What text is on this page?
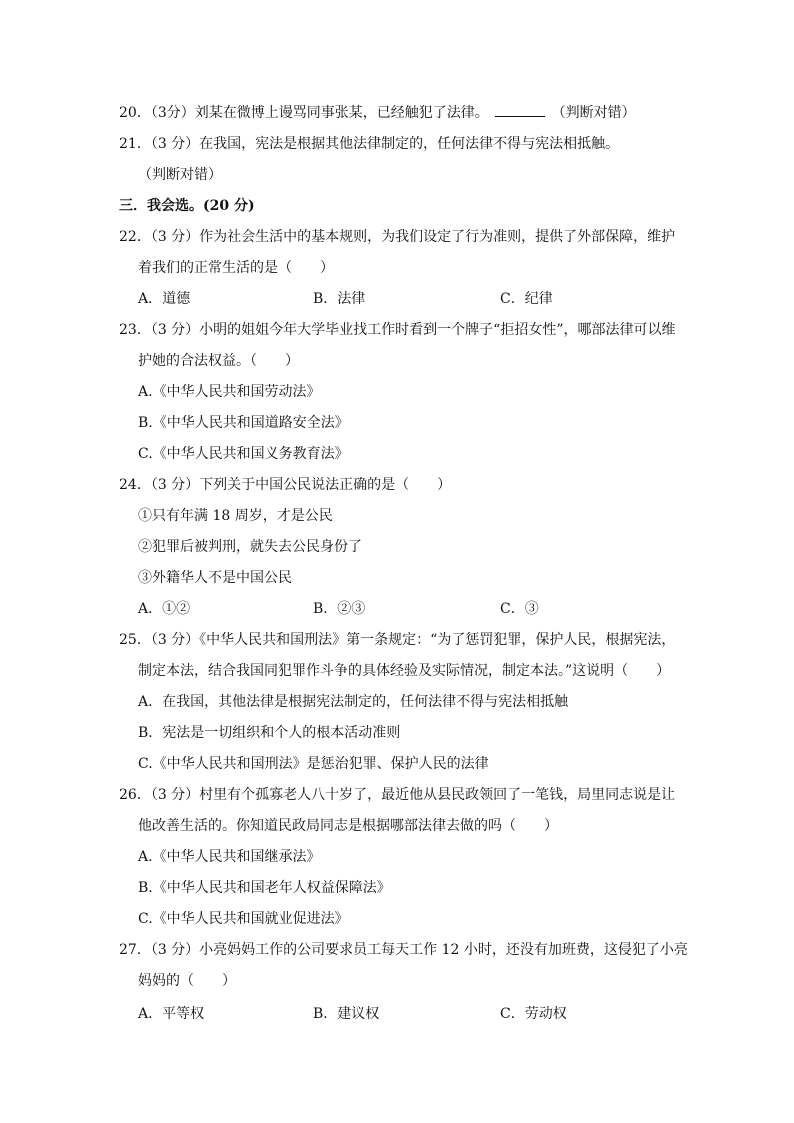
20．（3分）刘某在微博上谩骂同事张某，已经触犯了法律。	（判断对错）
21．（3 分）在我国，宪法是根据其他法律制定的，任何法律不得与宪法相抵触。
（判断对错）
三．我会选。(20 分)
22．（3 分）作为社会生活中的基本规则，为我们设定了行为准则，提供了外部保障，维护
着我们的正常生活的是（　　）
A．道德	B．法律	C．纪律
23．（3 分）小明的姐姐今年大学毕业找工作时看到一个牌子“拒招女性”，哪部法律可以维
护她的合法权益。（　　）
A.《中华人民共和国劳动法》
B.《中华人民共和国道路安全法》
C.《中华人民共和国义务教育法》
24．（3 分）下列关于中国公民说法正确的是（　　）
①只有年满 18 周岁，才是公民
②犯罪后被判刑，就失去公民身份了
③外籍华人不是中国公民
A．①②	B．②③	C．③
25．（3 分）《中华人民共和国刑法》第一条规定：“为了惩罚犯罪，保护人民，根据宪法，
制定本法，结合我国同犯罪作斗争的具体经验及实际情况，制定本法。”这说明（　　）
A．在我国，其他法律是根据宪法制定的，任何法律不得与宪法相抵触
B．宪法是一切组织和个人的根本活动准则
C.《中华人民共和国刑法》是惩治犯罪、保护人民的法律
26．（3 分）村里有个孤寡老人八十岁了，最近他从县民政领回了一笔钱，局里同志说是让
他改善生活的。你知道民政局同志是根据哪部法律去做的吗（　　）
A.《中华人民共和国继承法》
B.《中华人民共和国老年人权益保障法》
C.《中华人民共和国就业促进法》
27．（3 分）小亮妈妈工作的公司要求员工每天工作 12 小时，还没有加班费，这侵犯了小亮
妈妈的（　　）
A．平等权	B．建议权	C．劳动权
